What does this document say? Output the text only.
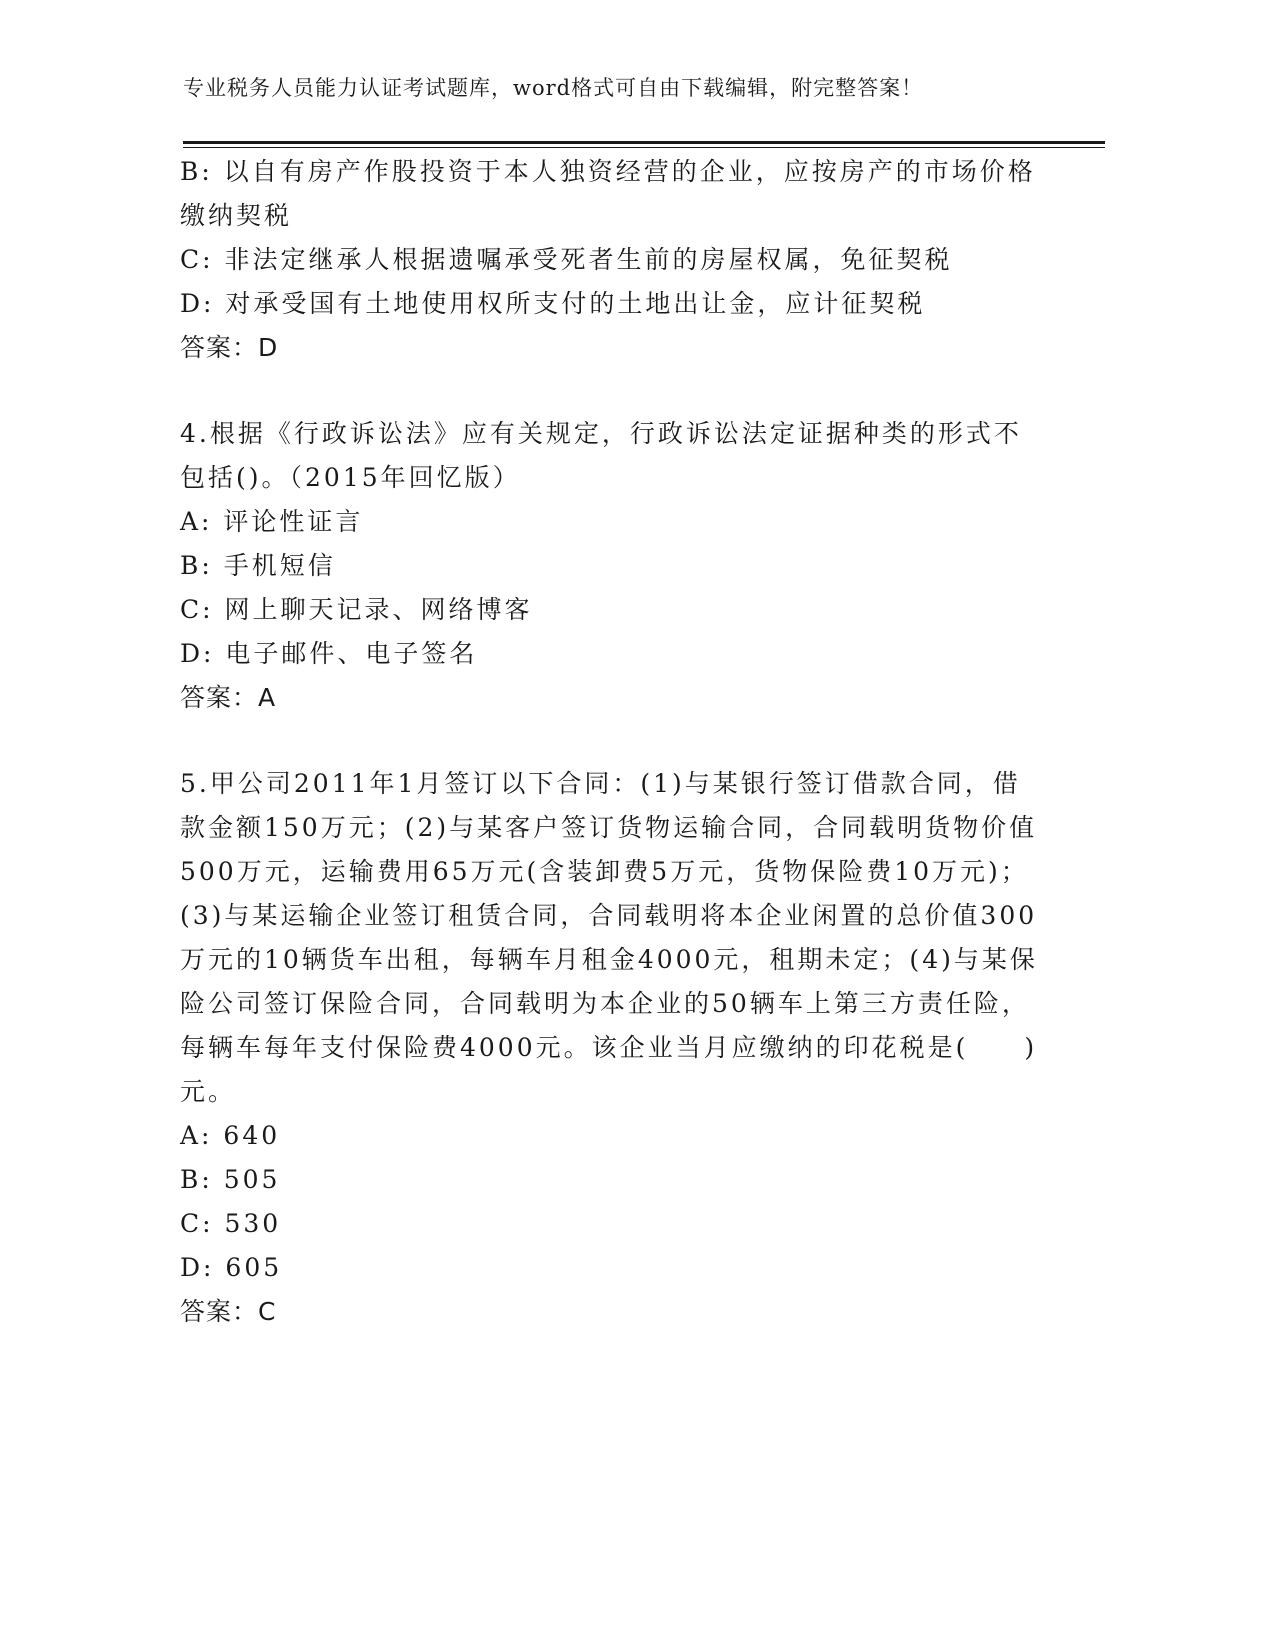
专业税务人员能力认证考试题库，word格式可自由下载编辑，附完整答案！
B: 以自有房产作股投资于本人独资经营的企业，应按房产的市场价格
缴纳契税
C: 非法定继承人根据遗嘱承受死者生前的房屋权属，免征契税
D: 对承受国有土地使用权所支付的土地出让金，应计征契税
答案：D
4.根据《行政诉讼法》应有关规定，行政诉讼法定证据种类的形式不
包括()。（2015年回忆版）
A: 评论性证言
B: 手机短信
C: 网上聊天记录、网络博客
D: 电子邮件、电子签名
答案：A
5.甲公司2011年1月签订以下合同：(1)与某银行签订借款合同，借
款金额150万元；(2)与某客户签订货物运输合同，合同载明货物价值
500万元，运输费用65万元(含装卸费5万元，货物保险费10万元)；
(3)与某运输企业签订租赁合同，合同载明将本企业闲置的总价值300
万元的10辆货车出租，每辆车月租金4000元，租期未定；(4)与某保
险公司签订保险合同，合同载明为本企业的50辆车上第三方责任险，
每辆车每年支付保险费4000元。该企业当月应缴纳的印花税是(　　)
元。
A: 640
B: 505
C: 530
D: 605
答案：C
